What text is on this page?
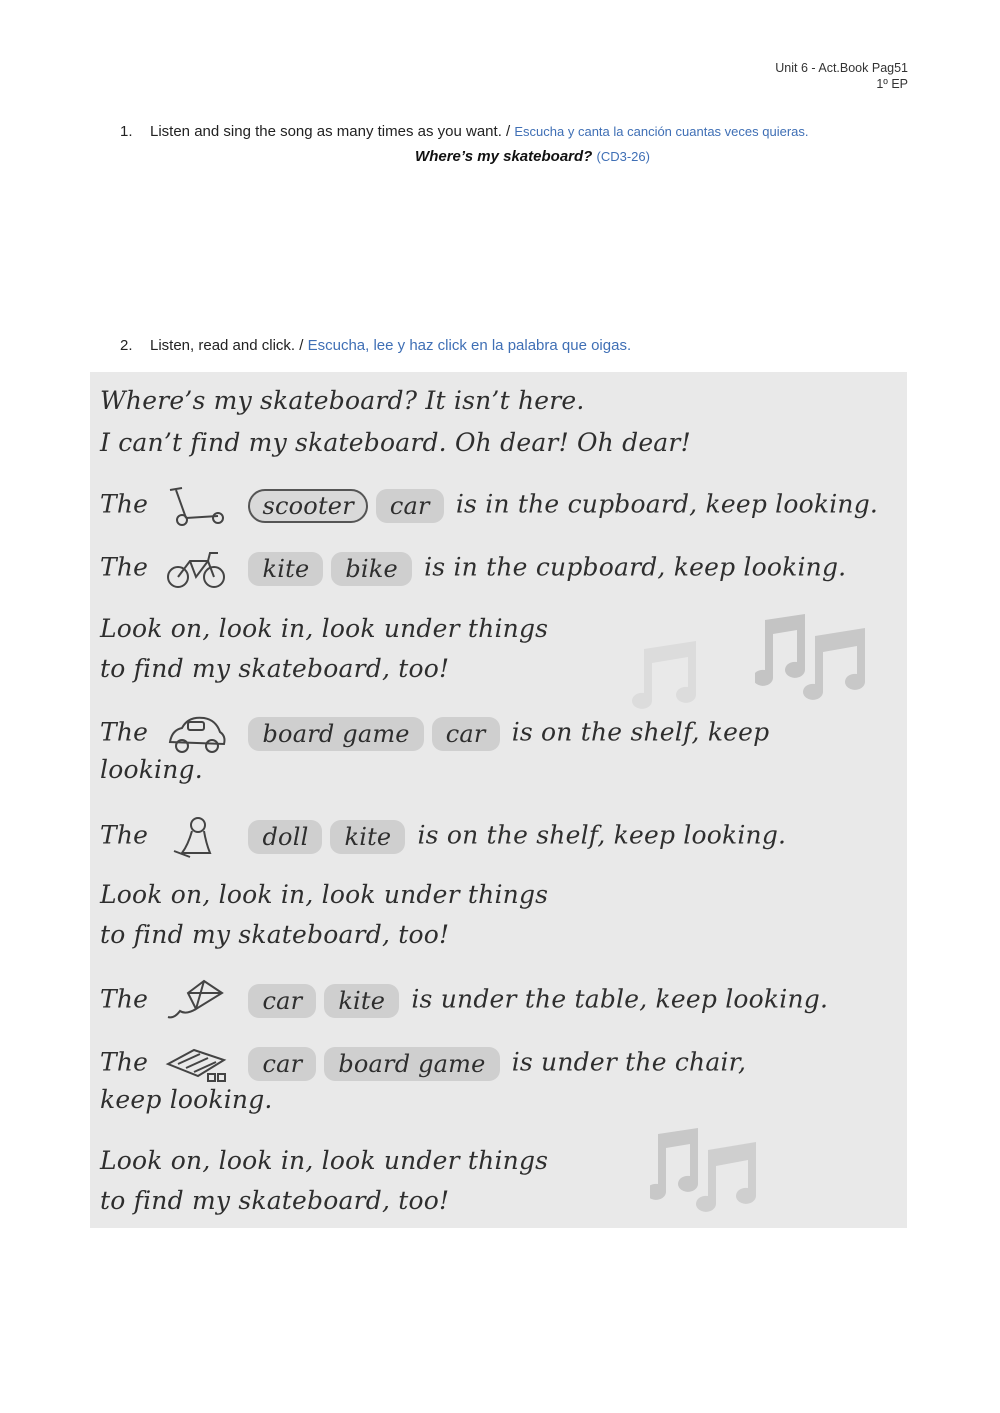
Unit 6 - Act.Book Pag51
1º EP
1. Listen and sing the song as many times as you want. / Escucha y canta la canción cuantas veces quieras.
Where’s my skateboard? (CD3-26)
2. Listen, read and click. / Escucha, lee y haz click en la palabra que oigas.
Where’s my skateboard? It isn’t here.
I can’t find my skateboard. Oh dear! Oh dear!
The	scooter car is in the cupboard, keep looking.
The	kite bike is in the cupboard, keep looking.
Look on, look in, look under things
to find my skateboard, too!
The	board game car is on the shelf, keep
looking.
The	doll kite is on the shelf, keep looking.
Look on, look in, look under things
to find my skateboard, too!
The	car kite is under the table, keep looking.
The	car board game is under the chair,
keep looking.
Look on, look in, look under things
to find my skateboard, too!
